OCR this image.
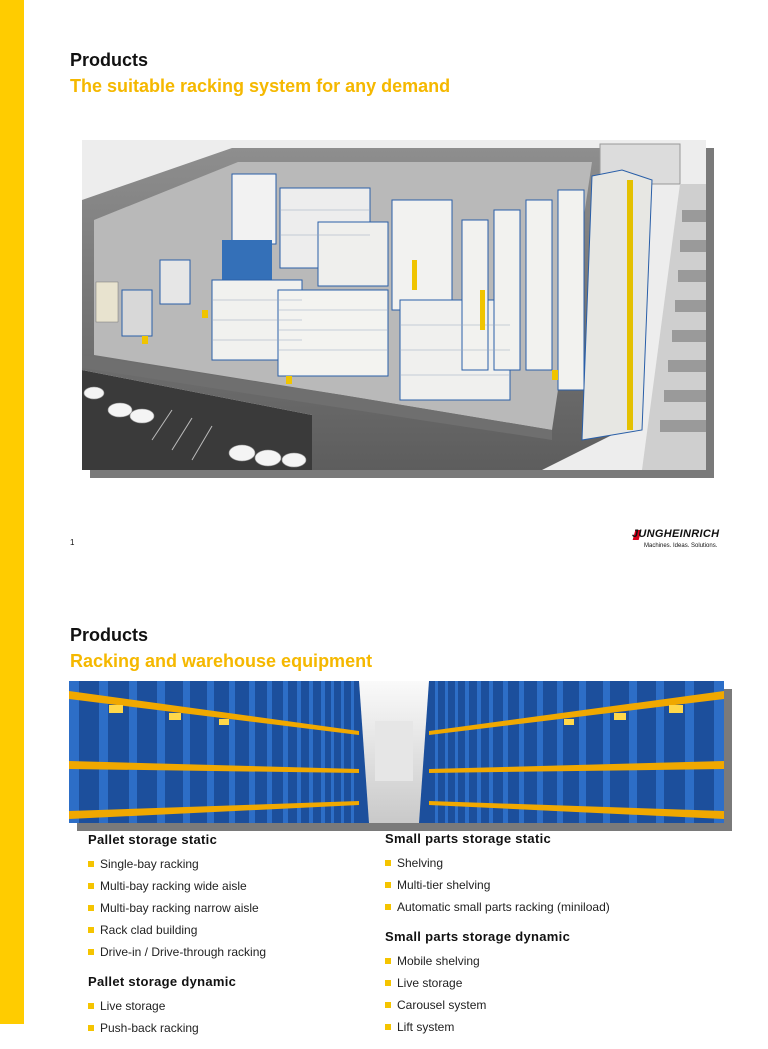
Products
The suitable racking system for any demand
1
JUNGHEINRICH
Machines. Ideas. Solutions.
Products
Racking and warehouse equipment
Pallet storage static
Single-bay racking
Multi-bay racking wide aisle
Multi-bay racking narrow aisle
Rack clad building
Drive-in / Drive-through racking
Pallet storage dynamic
Live storage
Push-back racking
Small parts storage static
Shelving
Multi-tier shelving
Automatic small parts racking (miniload)
Small parts storage dynamic
Mobile shelving
Live storage
Carousel system
Lift system
